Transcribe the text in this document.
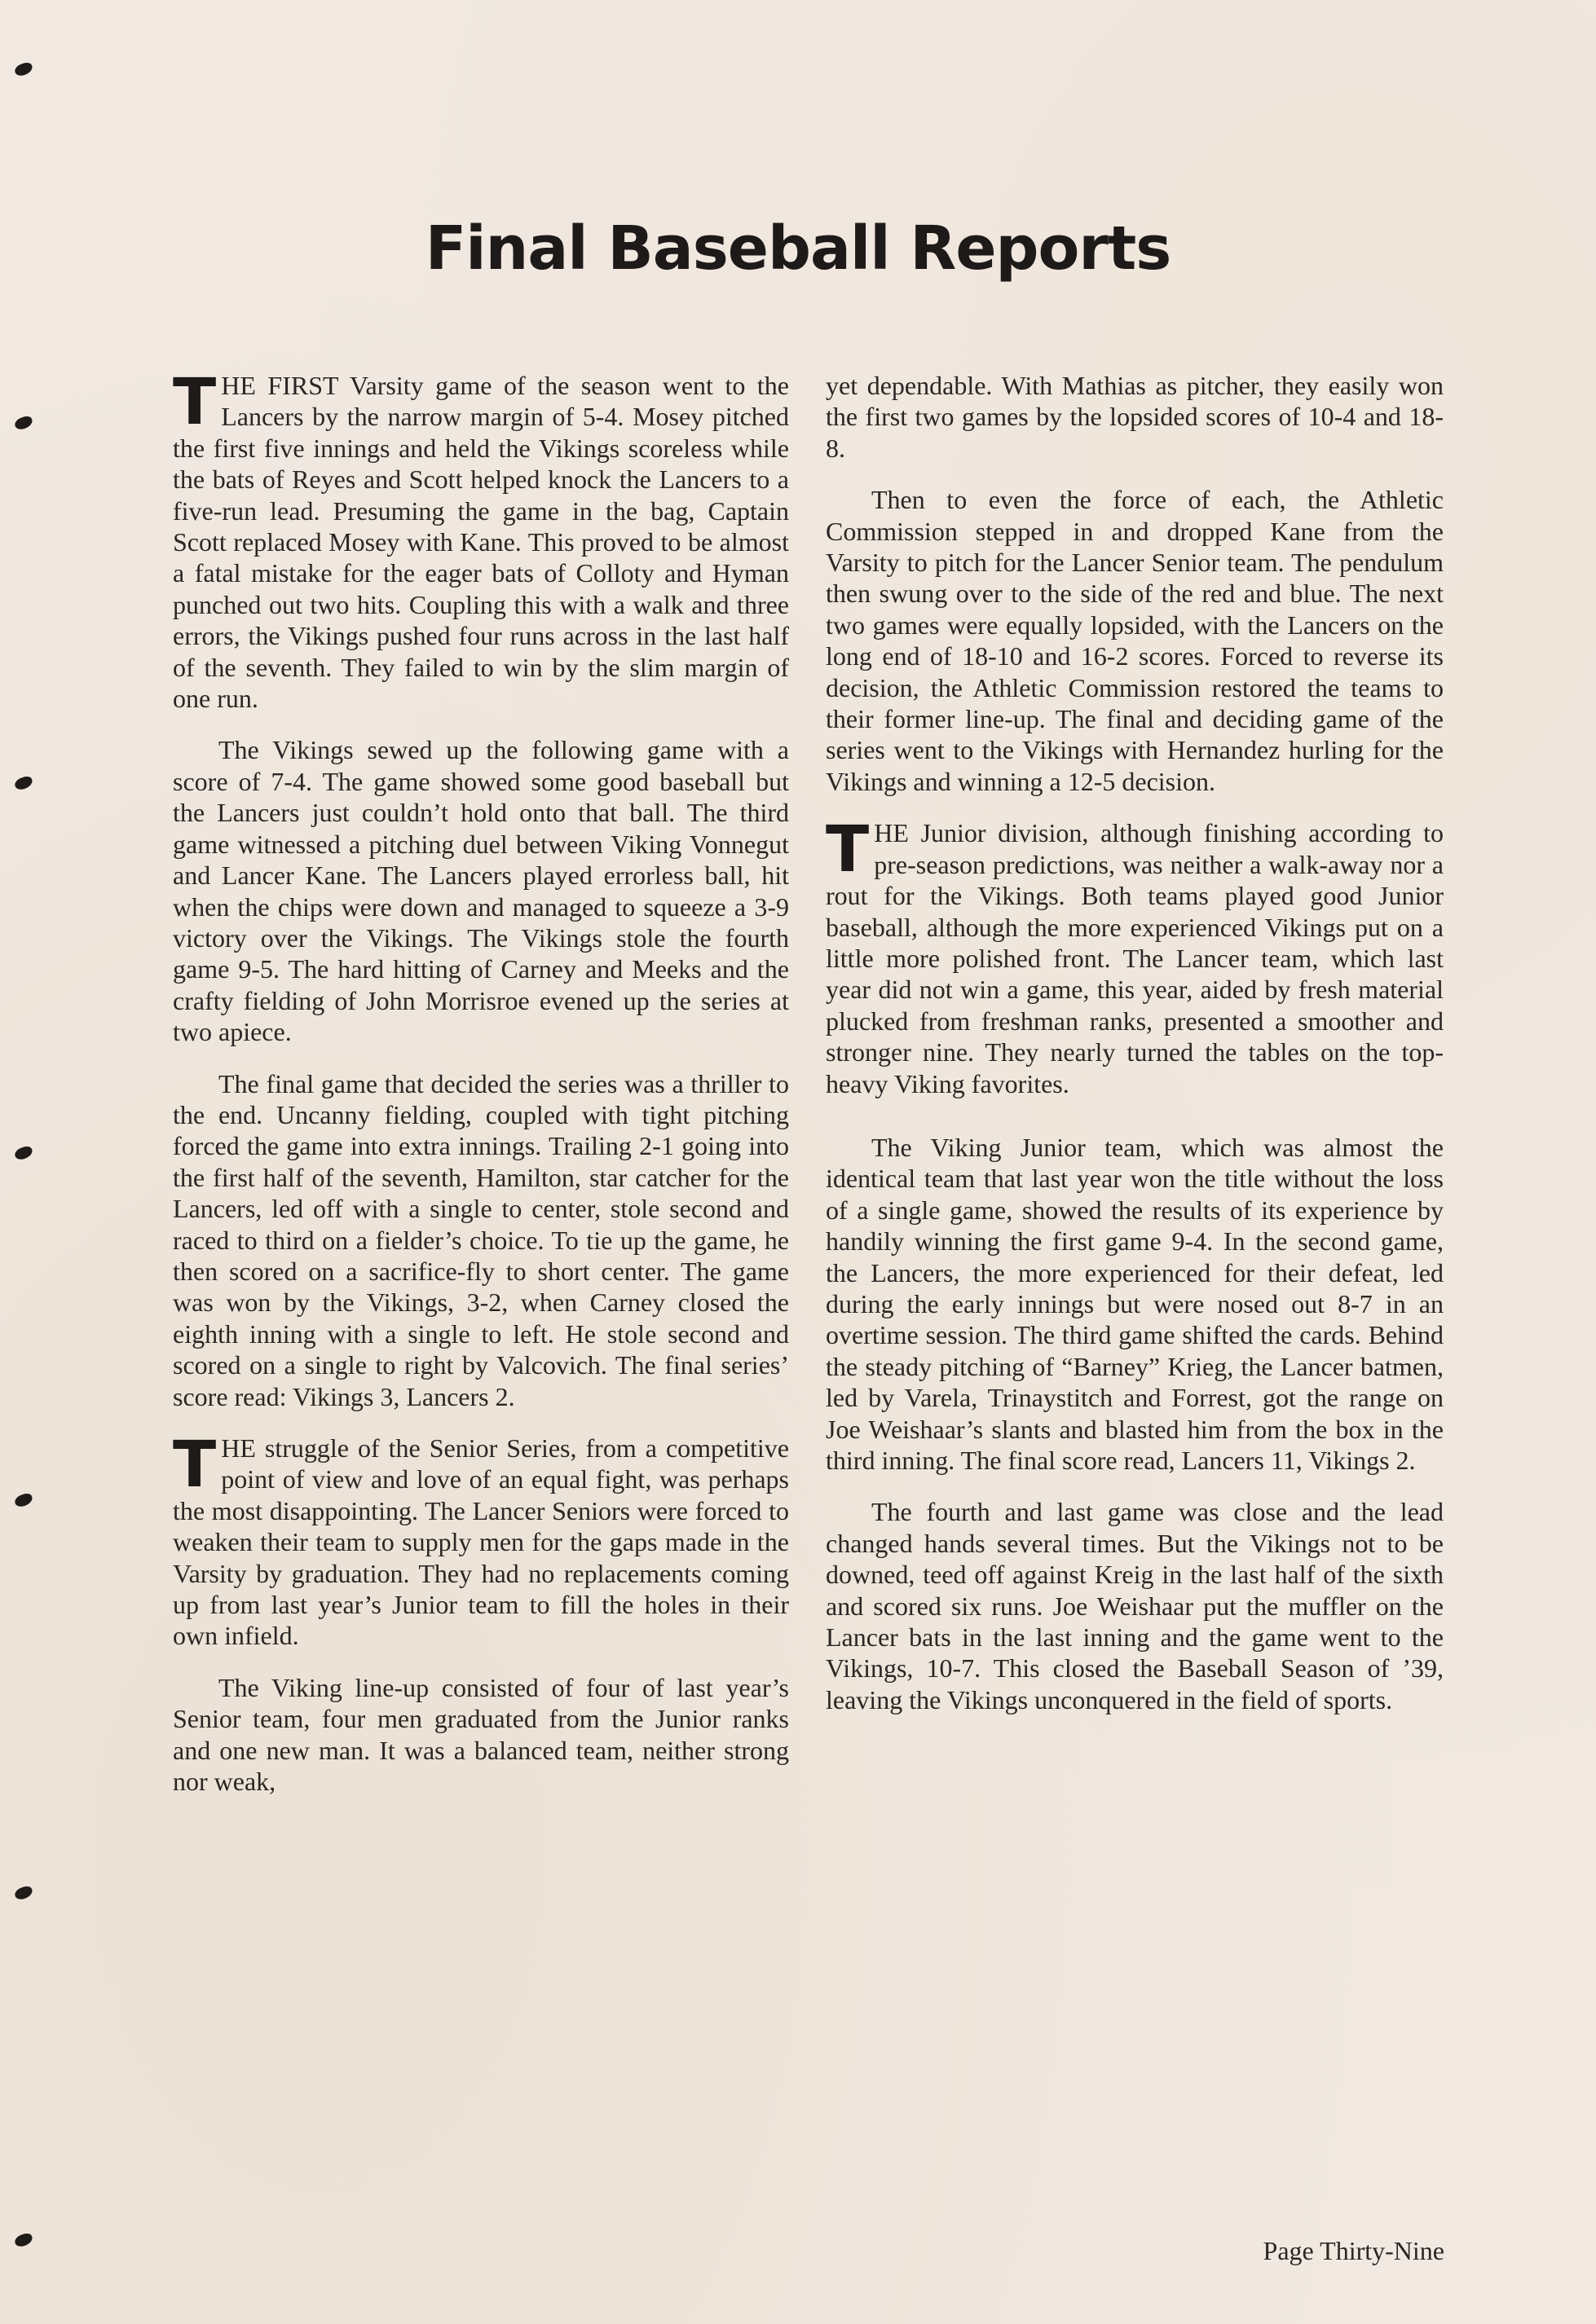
Final Baseball Reports

THE FIRST Varsity game of the season went to the Lancers by the narrow margin of 5-4. Mosey pitched the first five innings and held the Vikings scoreless while the bats of Reyes and Scott helped knock the Lancers to a five-run lead. Presuming the game in the bag, Captain Scott replaced Mosey with Kane. This proved to be almost a fatal mistake for the eager bats of Colloty and Hyman punched out two hits. Coupling this with a walk and three errors, the Vikings pushed four runs across in the last half of the seventh. They failed to win by the slim margin of one run.

The Vikings sewed up the following game with a score of 7-4. The game showed some good baseball but the Lancers just couldn’t hold onto that ball. The third game witnessed a pitching duel between Viking Vonnegut and Lancer Kane. The Lancers played errorless ball, hit when the chips were down and managed to squeeze a 3-9 victory over the Vikings. The Vikings stole the fourth game 9-5. The hard hitting of Carney and Meeks and the crafty fielding of John Morrisroe evened up the series at two apiece.

The final game that decided the series was a thriller to the end. Uncanny fielding, coupled with tight pitching forced the game into extra innings. Trailing 2-1 going into the first half of the seventh, Hamilton, star catcher for the Lancers, led off with a single to center, stole second and raced to third on a fielder’s choice. To tie up the game, he then scored on a sacrifice-fly to short center. The game was won by the Vikings, 3-2, when Carney closed the eighth inning with a single to left. He stole second and scored on a single to right by Valcovich. The final series’ score read: Vikings 3, Lancers 2.

THE struggle of the Senior Series, from a competitive point of view and love of an equal fight, was perhaps the most disappointing. The Lancer Seniors were forced to weaken their team to supply men for the gaps made in the Varsity by graduation. They had no replacements coming up from last year’s Junior team to fill the holes in their own infield.

The Viking line-up consisted of four of last year’s Senior team, four men graduated from the Junior ranks and one new man. It was a balanced team, neither strong nor weak,

yet dependable. With Mathias as pitcher, they easily won the first two games by the lopsided scores of 10-4 and 18-8.

Then to even the force of each, the Athletic Commission stepped in and dropped Kane from the Varsity to pitch for the Lancer Senior team. The pendulum then swung over to the side of the red and blue. The next two games were equally lopsided, with the Lancers on the long end of 18-10 and 16-2 scores. Forced to reverse its decision, the Athletic Commission restored the teams to their former line-up. The final and deciding game of the series went to the Vikings with Hernandez hurling for the Vikings and winning a 12-5 decision.

THE Junior division, although finishing according to pre-season predictions, was neither a walk-away nor a rout for the Vikings. Both teams played good Junior baseball, although the more experienced Vikings put on a little more polished front. The Lancer team, which last year did not win a game, this year, aided by fresh material plucked from freshman ranks, presented a smoother and stronger nine. They nearly turned the tables on the top-heavy Viking favorites.

The Viking Junior team, which was almost the identical team that last year won the title without the loss of a single game, showed the results of its experience by handily winning the first game 9-4. In the second game, the Lancers, the more experienced for their defeat, led during the early innings but were nosed out 8-7 in an overtime session. The third game shifted the cards. Behind the steady pitching of “Barney” Krieg, the Lancer batmen, led by Varela, Trinaystitch and Forrest, got the range on Joe Weishaar’s slants and blasted him from the box in the third inning. The final score read, Lancers 11, Vikings 2.

The fourth and last game was close and the lead changed hands several times. But the Vikings not to be downed, teed off against Kreig in the last half of the sixth and scored six runs. Joe Weishaar put the muffler on the Lancer bats in the last inning and the game went to the Vikings, 10-7. This closed the Baseball Season of ’39, leaving the Vikings unconquered in the field of sports.

Page Thirty-Nine
